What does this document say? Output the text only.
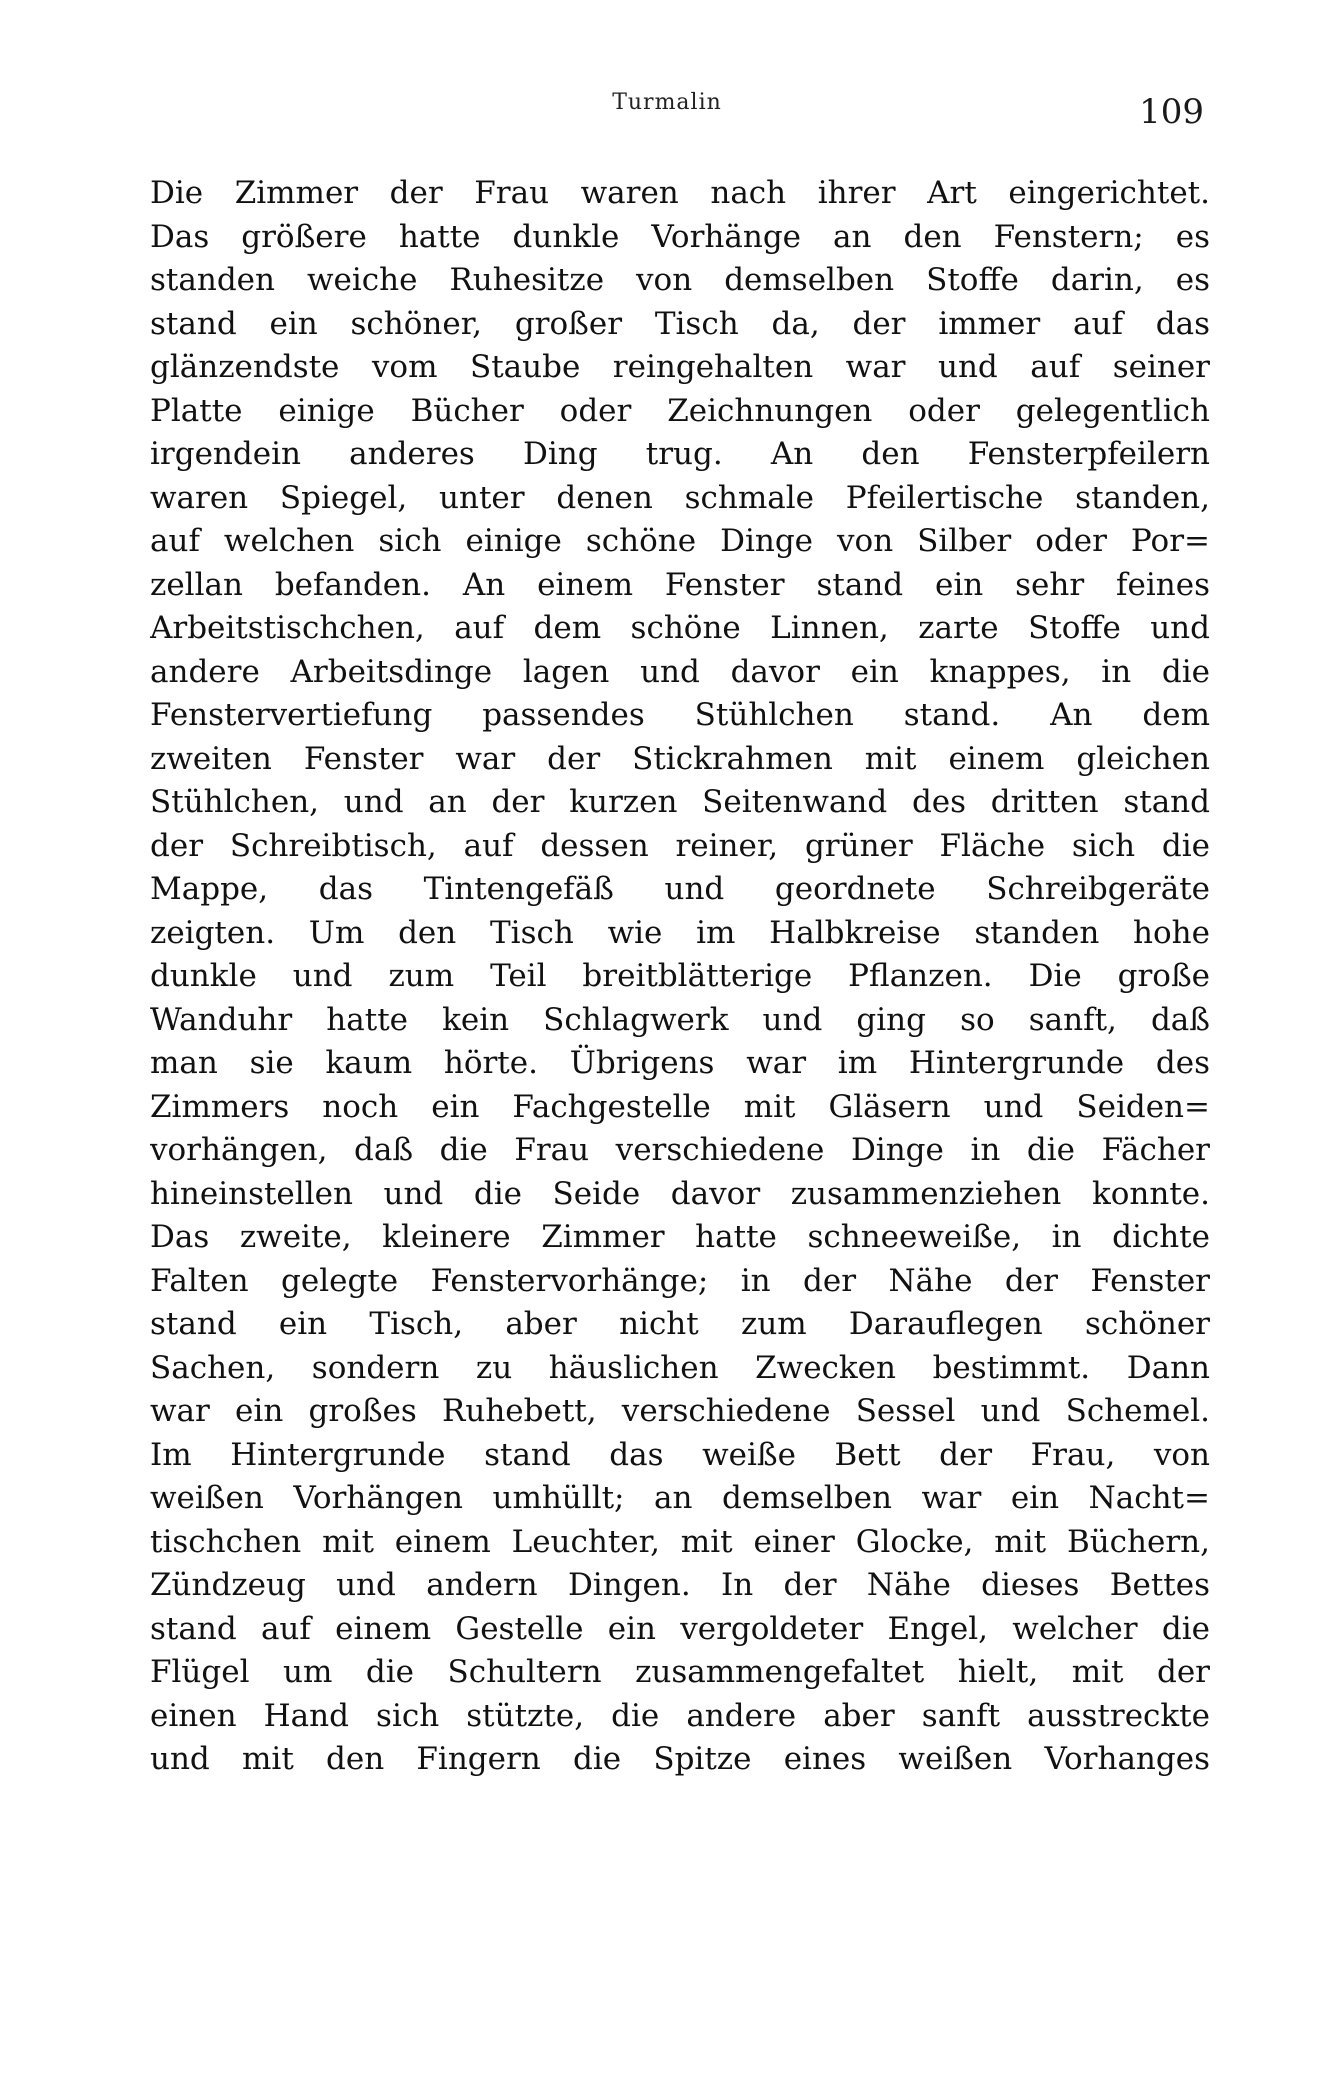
Turmalin	109
Die Zimmer der Frau waren nach ihrer Art eingerichtet.
Das größere hatte dunkle Vorhänge an den Fenstern; es
standen weiche Ruhesitze von demselben Stoffe darin, es
stand ein schöner, großer Tisch da, der immer auf das
glänzendste vom Staube reingehalten war und auf seiner
Platte einige Bücher oder Zeichnungen oder gelegentlich
irgendein anderes Ding trug. An den Fensterpfeilern
waren Spiegel, unter denen schmale Pfeilertische standen,
auf welchen sich einige schöne Dinge von Silber oder Por=
zellan befanden. An einem Fenster stand ein sehr feines
Arbeitstischchen, auf dem schöne Linnen, zarte Stoffe und
andere Arbeitsdinge lagen und davor ein knappes, in die
Fenstervertiefung passendes Stühlchen stand. An dem
zweiten Fenster war der Stickrahmen mit einem gleichen
Stühlchen, und an der kurzen Seitenwand des dritten stand
der Schreibtisch, auf dessen reiner, grüner Fläche sich die
Mappe, das Tintengefäß und geordnete Schreibgeräte
zeigten. Um den Tisch wie im Halbkreise standen hohe
dunkle und zum Teil breitblätterige Pflanzen. Die große
Wanduhr hatte kein Schlagwerk und ging so sanft, daß
man sie kaum hörte. Übrigens war im Hintergrunde des
Zimmers noch ein Fachgestelle mit Gläsern und Seiden=
vorhängen, daß die Frau verschiedene Dinge in die Fächer
hineinstellen und die Seide davor zusammenziehen konnte.
Das zweite, kleinere Zimmer hatte schneeweiße, in dichte
Falten gelegte Fenstervorhänge; in der Nähe der Fenster
stand ein Tisch, aber nicht zum Darauflegen schöner
Sachen, sondern zu häuslichen Zwecken bestimmt. Dann
war ein großes Ruhebett, verschiedene Sessel und Schemel.
Im Hintergrunde stand das weiße Bett der Frau, von
weißen Vorhängen umhüllt; an demselben war ein Nacht=
tischchen mit einem Leuchter, mit einer Glocke, mit Büchern,
Zündzeug und andern Dingen. In der Nähe dieses Bettes
stand auf einem Gestelle ein vergoldeter Engel, welcher die
Flügel um die Schultern zusammengefaltet hielt, mit der
einen Hand sich stützte, die andere aber sanft ausstreckte
und mit den Fingern die Spitze eines weißen Vorhanges
